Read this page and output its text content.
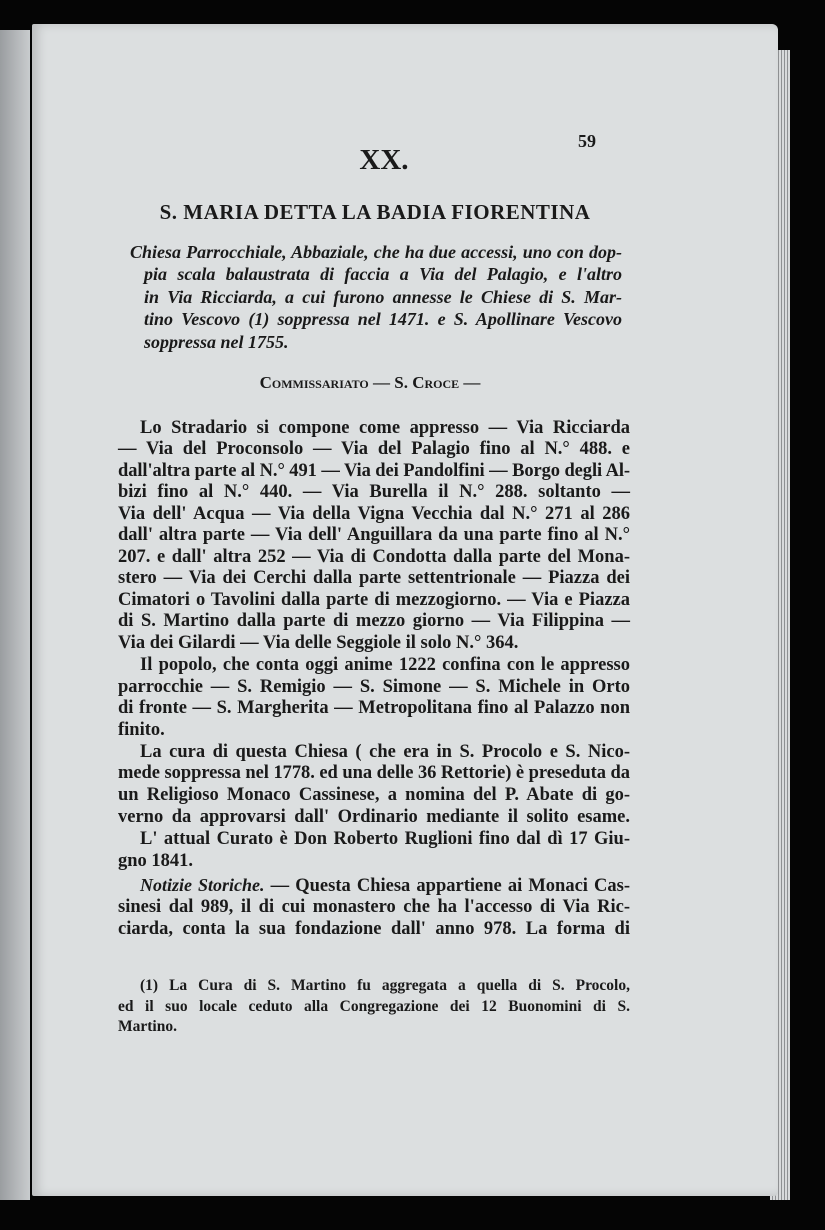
59
XX.
S. MARIA DETTA LA BADIA FIORENTINA
Chiesa Parrocchiale, Abbaziale, che ha due accessi, uno con dop-
pia scala balaustrata di faccia a Via del Palagio, e l'altro
in Via Ricciarda, a cui furono annesse le Chiese di S. Mar-
tino Vescovo (1) soppressa nel 1471. e S. Apollinare Vescovo
soppressa nel 1755.
Commissariato — S. Croce —
Lo Stradario si compone come appresso — Via Ricciarda
— Via del Proconsolo — Via del Palagio fino al N.° 488. e
dall'altra parte al N.° 491 — Via dei Pandolfini — Borgo degli Al-
bizi fino al N.° 440. — Via Burella il N.° 288. soltanto —
Via dell' Acqua — Via della Vigna Vecchia dal N.° 271 al 286
dall' altra parte — Via dell' Anguillara da una parte fino al N.°
207. e dall' altra 252 — Via di Condotta dalla parte del Mona-
stero — Via dei Cerchi dalla parte settentrionale — Piazza dei
Cimatori o Tavolini dalla parte di mezzogiorno. — Via e Piazza
di S. Martino dalla parte di mezzo giorno — Via Filippina —
Via dei Gilardi — Via delle Seggiole il solo N.° 364.
Il popolo, che conta oggi anime 1222 confina con le appresso
parrocchie — S. Remigio — S. Simone — S. Michele in Orto
di fronte — S. Margherita — Metropolitana fino al Palazzo non
finito.
La cura di questa Chiesa ( che era in S. Procolo e S. Nico-
mede soppressa nel 1778. ed una delle 36 Rettorie) è preseduta da
un Religioso Monaco Cassinese, a nomina del P. Abate di go-
verno da approvarsi dall' Ordinario mediante il solito esame.
L' attual Curato è Don Roberto Ruglioni fino dal dì 17 Giu-
gno 1841.
Notizie Storiche. — Questa Chiesa appartiene ai Monaci Cas-
sinesi dal 989, il di cui monastero che ha l'accesso di Via Ric-
ciarda, conta la sua fondazione dall' anno 978. La forma di
(1) La Cura di S. Martino fu aggregata a quella di S. Procolo,
ed il suo locale ceduto alla Congregazione dei 12 Buonomini di S.
Martino.
